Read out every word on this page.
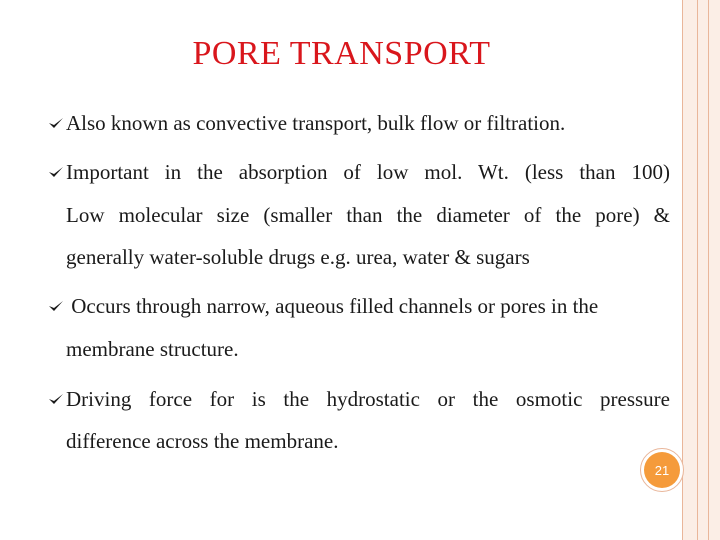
PORE TRANSPORT
Also known as convective transport, bulk flow or filtration.
Important in the absorption of low mol. Wt. (less than 100)
Low molecular size (smaller than the diameter of the pore) &
generally water-soluble drugs e.g. urea, water & sugars
Occurs through narrow, aqueous filled channels or pores in the
membrane structure.
Driving force for is the hydrostatic or the osmotic pressure
difference across the membrane.
21
